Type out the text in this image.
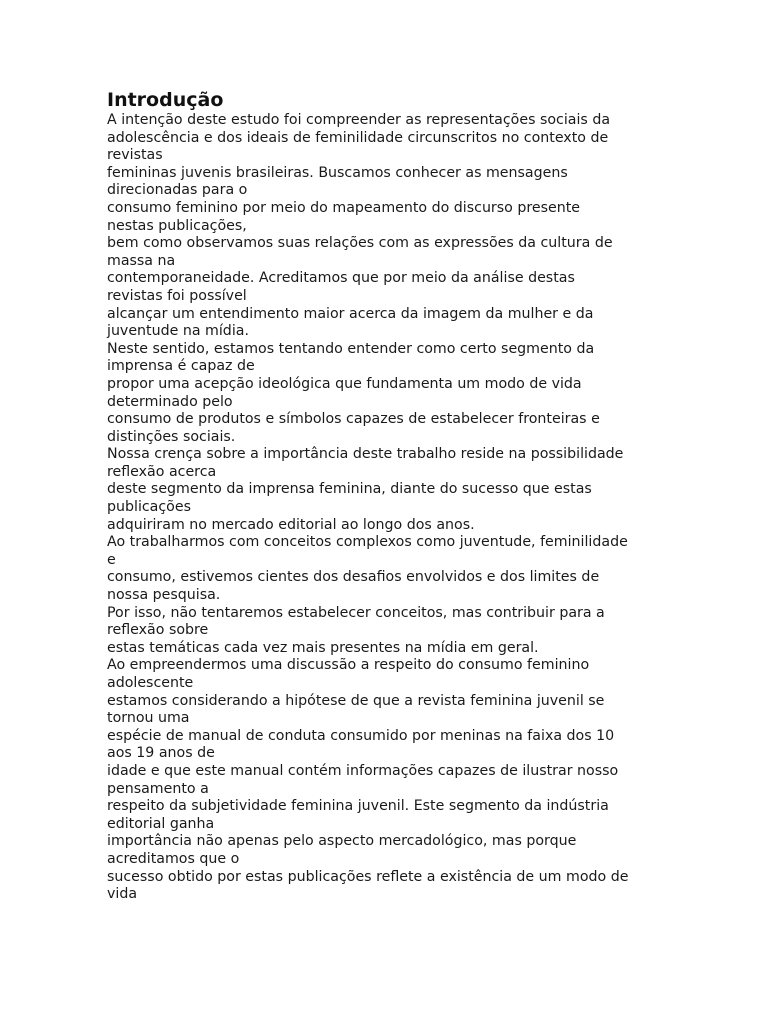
Introdução
A intenção deste estudo foi compreender as representações sociais da
adolescência e dos ideais de feminilidade circunscritos no contexto de
revistas
femininas juvenis brasileiras. Buscamos conhecer as mensagens
direcionadas para o
consumo feminino por meio do mapeamento do discurso presente
nestas publicações,
bem como observamos suas relações com as expressões da cultura de
massa na
contemporaneidade. Acreditamos que por meio da análise destas
revistas foi possível
alcançar um entendimento maior acerca da imagem da mulher e da
juventude na mídia.
Neste sentido, estamos tentando entender como certo segmento da
imprensa é capaz de
propor uma acepção ideológica que fundamenta um modo de vida
determinado pelo
consumo de produtos e símbolos capazes de estabelecer fronteiras e
distinções sociais.
Nossa crença sobre a importância deste trabalho reside na possibilidade
reflexão acerca
deste segmento da imprensa feminina, diante do sucesso que estas
publicações
adquiriram no mercado editorial ao longo dos anos.
Ao trabalharmos com conceitos complexos como juventude, feminilidade
e
consumo, estivemos cientes dos desafios envolvidos e dos limites de
nossa pesquisa.
Por isso, não tentaremos estabelecer conceitos, mas contribuir para a
reflexão sobre
estas temáticas cada vez mais presentes na mídia em geral.
Ao empreendermos uma discussão a respeito do consumo feminino
adolescente
estamos considerando a hipótese de que a revista feminina juvenil se
tornou uma
espécie de manual de conduta consumido por meninas na faixa dos 10
aos 19 anos de
idade e que este manual contém informações capazes de ilustrar nosso
pensamento a
respeito da subjetividade feminina juvenil. Este segmento da indústria
editorial ganha
importância não apenas pelo aspecto mercadológico, mas porque
acreditamos que o
sucesso obtido por estas publicações reflete a existência de um modo de
vida
